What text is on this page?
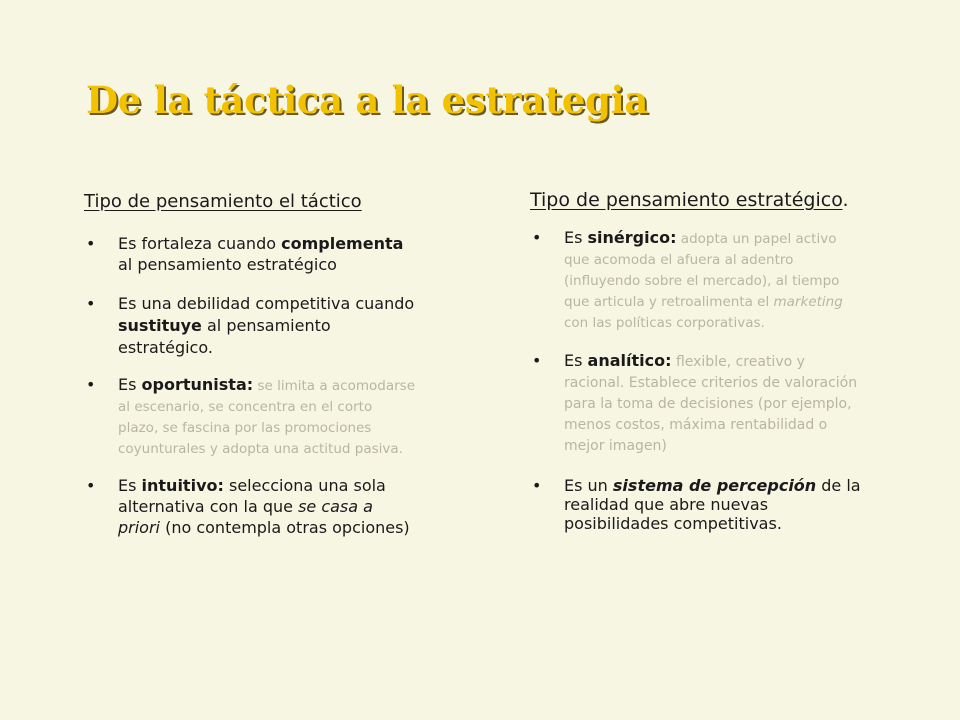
De la táctica a la estrategia
Tipo de pensamiento el táctico
• Es fortaleza cuando complementa
al pensamiento estratégico
• Es una debilidad competitiva cuando
sustituye al pensamiento
estratégico.
• Es oportunista: se limita a acomodarse
al escenario, se concentra en el corto
plazo, se fascina por las promociones
coyunturales y adopta una actitud pasiva.
• Es intuitivo: selecciona una sola
alternativa con la que se casa a
priori (no contempla otras opciones)
Tipo de pensamiento estratégico.
• Es sinérgico: adopta un papel activo
que acomoda el afuera al adentro
(influyendo sobre el mercado), al tiempo
que articula y retroalimenta el marketing
con las políticas corporativas.
• Es analítico: flexible, creativo y
racional. Establece criterios de valoración
para la toma de decisiones (por ejemplo,
menos costos, máxima rentabilidad o
mejor imagen)
• Es un sistema de percepción de la
realidad que abre nuevas
posibilidades competitivas.
